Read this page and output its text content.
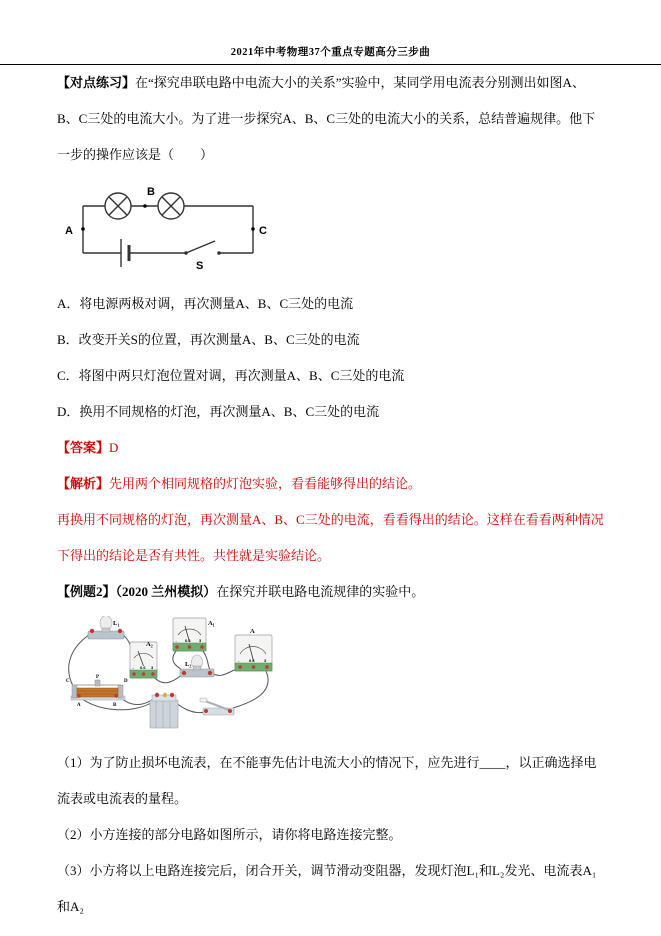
2021年中考物理37个重点专题高分三步曲

【对点练习】在“探究串联电路中电流大小的关系”实验中，某同学用电流表分别测出如图A、B、C三处的电流大小。为了进一步探究A、B、C三处的电流大小的关系，总结普遍规律。他下一步的操作应该是（　　）

B
A	C
S

A．将电源两极对调，再次测量A、B、C三处的电流

B．改变开关S的位置，再次测量A、B、C三处的电流

C．将图中两只灯泡位置对调，再次测量A、B、C三处的电流

D．换用不同规格的灯泡，再次测量A、B、C三处的电流

【答案】D

【解析】先用两个相同规格的灯泡实验，看看能够得出的结论。

再换用不同规格的灯泡，再次测量A、B、C三处的电流，看看得出的结论。这样在看看两种情况下得出的结论是否有共性。共性就是实验结论。

【例题2】（2020 兰州模拟）在探究并联电路电流规律的实验中。

L₁
- 0.6 3
A₂
- 0.6 3
A₁
L₂
- 0.6 3
A
C
P
D
A	B

（1）为了防止损坏电流表，在不能事先估计电流大小的情况下，应先进行____，以正确选择电流表或电流表的量程。

（2）小方连接的部分电路如图所示，请你将电路连接完整。

（3）小方将以上电路连接完后，闭合开关，调节滑动变阻器，发现灯泡L₁和L₂发光、电流表A₁和A₂
